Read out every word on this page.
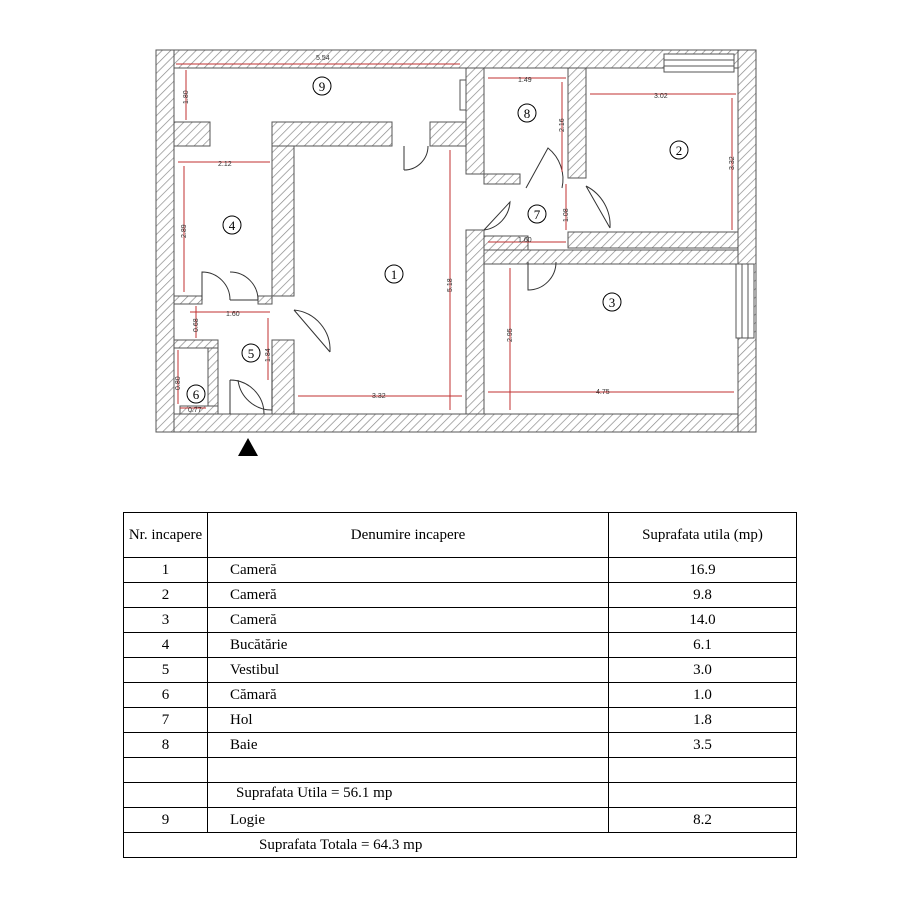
5.54
1.80
1.49
2.16
3.02
3.32
2.12
2.89
5.18
1.08
1.60
1.60
0.68
1.84
0.80
0.77
3.32
2.95
4.75
1
2
3
4
5
6
7
8
9
Nr. incapere	Denumire incapere	Suprafata utila (mp)
1	Cameră	16.9
2	Cameră	9.8
3	Cameră	14.0
4	Bucătărie	6.1
5	Vestibul	3.0
6	Cămară	1.0
7	Hol	1.8
8	Baie	3.5

	Suprafata Utila = 56.1 mp	
9	Logie	8.2
Suprafata Totala = 64.3 mp		
